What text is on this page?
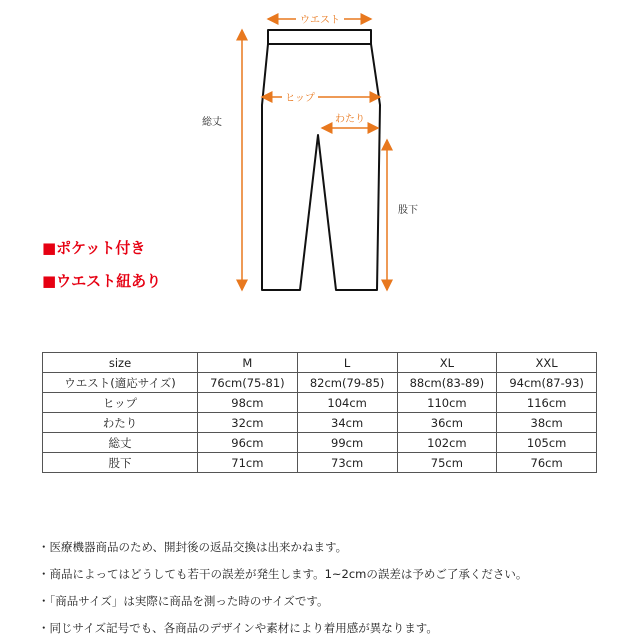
ウエスト
ヒップ
わたり
総丈
股下
■ポケット付き
■ウエスト紐あり
size	M	L	XL	XXL
ウエスト(適応サイズ)	76cm(75-81)	82cm(79-85)	88cm(83-89)	94cm(87-93)
ヒップ	98cm	104cm	110cm	116cm
わたり	32cm	34cm	36cm	38cm
総丈	96cm	99cm	102cm	105cm
股下	71cm	73cm	75cm	76cm
・医療機器商品のため、開封後の返品交換は出来かねます。
・商品によってはどうしても若干の誤差が発生します。1~2cmの誤差は予めご了承ください。
・「商品サイズ」は実際に商品を測った時のサイズです。
・同じサイズ記号でも、各商品のデザインや素材により着用感が異なります。
